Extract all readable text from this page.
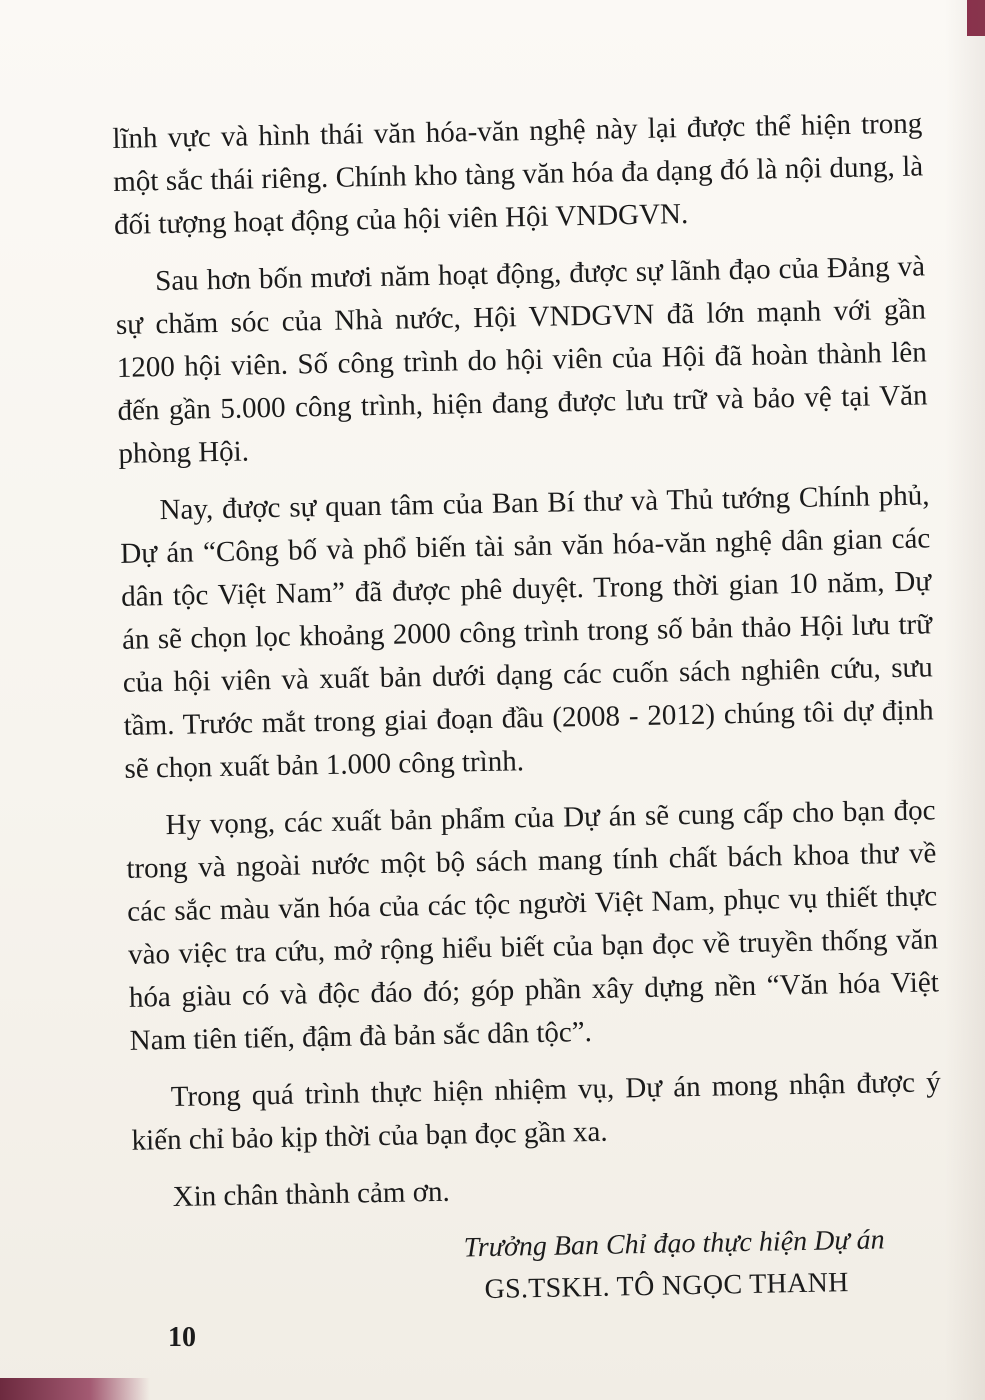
lĩnh vực và hình thái văn hóa-văn nghệ này lại được thể hiện trong một sắc thái riêng. Chính kho tàng văn hóa đa dạng đó là nội dung, là đối tượng hoạt động của hội viên Hội VNDGVN.

Sau hơn bốn mươi năm hoạt động, được sự lãnh đạo của Đảng và sự chăm sóc của Nhà nước, Hội VNDGVN đã lớn mạnh với gần 1200 hội viên. Số công trình do hội viên của Hội đã hoàn thành lên đến gần 5.000 công trình, hiện đang được lưu trữ và bảo vệ tại Văn phòng Hội.

Nay, được sự quan tâm của Ban Bí thư và Thủ tướng Chính phủ, Dự án “Công bố và phổ biến tài sản văn hóa-văn nghệ dân gian các dân tộc Việt Nam” đã được phê duyệt. Trong thời gian 10 năm, Dự án sẽ chọn lọc khoảng 2000 công trình trong số bản thảo Hội lưu trữ của hội viên và xuất bản dưới dạng các cuốn sách nghiên cứu, sưu tầm. Trước mắt trong giai đoạn đầu (2008 - 2012) chúng tôi dự định sẽ chọn xuất bản 1.000 công trình.

Hy vọng, các xuất bản phẩm của Dự án sẽ cung cấp cho bạn đọc trong và ngoài nước một bộ sách mang tính chất bách khoa thư về các sắc màu văn hóa của các tộc người Việt Nam, phục vụ thiết thực vào việc tra cứu, mở rộng hiểu biết của bạn đọc về truyền thống văn hóa giàu có và độc đáo đó; góp phần xây dựng nền “Văn hóa Việt Nam tiên tiến, đậm đà bản sắc dân tộc”.

Trong quá trình thực hiện nhiệm vụ, Dự án mong nhận được ý kiến chỉ bảo kịp thời của bạn đọc gần xa.

Xin chân thành cảm ơn.

Trưởng Ban Chỉ đạo thực hiện Dự án
GS.TSKH. TÔ NGỌC THANH
10
